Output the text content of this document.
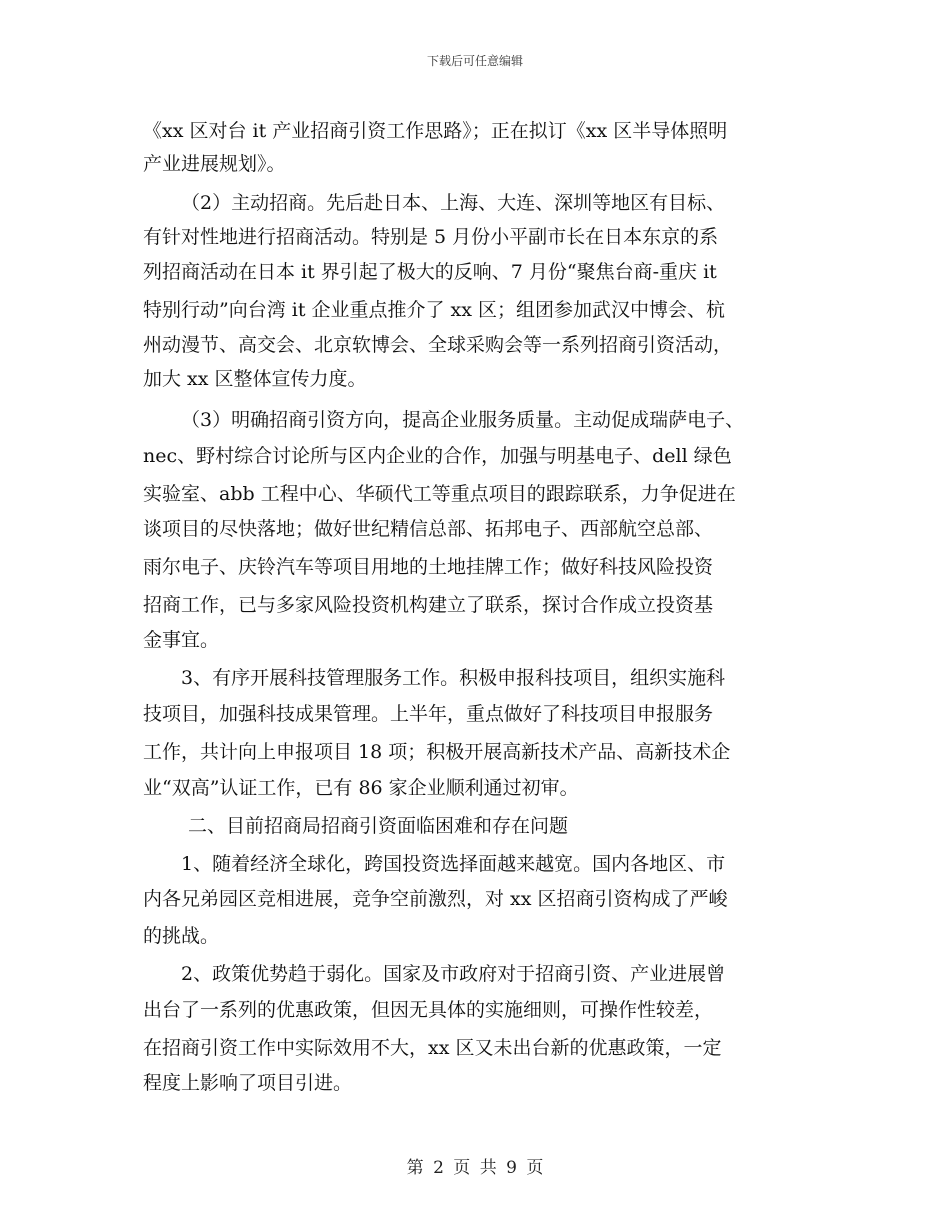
下载后可任意编辑
《xx 区对台 it 产业招商引资工作思路》；正在拟订《xx 区半导体照明
产业进展规划》。
（2）主动招商。先后赴日本、上海、大连、深圳等地区有目标、
有针对性地进行招商活动。特别是 5 月份小平副市长在日本东京的系
列招商活动在日本 it 界引起了极大的反响、7 月份“聚焦台商-重庆 it
特别行动”向台湾 it 企业重点推介了 xx 区；组团参加武汉中博会、杭
州动漫节、高交会、北京软博会、全球采购会等一系列招商引资活动，
加大 xx 区整体宣传力度。
（3）明确招商引资方向，提高企业服务质量。主动促成瑞萨电子、
nec、野村综合讨论所与区内企业的合作，加强与明基电子、dell 绿色
实验室、abb 工程中心、华硕代工等重点项目的跟踪联系，力争促进在
谈项目的尽快落地；做好世纪精信总部、拓邦电子、西部航空总部、
雨尔电子、庆铃汽车等项目用地的土地挂牌工作；做好科技风险投资
招商工作，已与多家风险投资机构建立了联系，探讨合作成立投资基
金事宜。
3、有序开展科技管理服务工作。积极申报科技项目，组织实施科
技项目，加强科技成果管理。上半年，重点做好了科技项目申报服务
工作，共计向上申报项目 18 项；积极开展高新技术产品、高新技术企
业“双高”认证工作，已有 86 家企业顺利通过初审。
二、目前招商局招商引资面临困难和存在问题
1、随着经济全球化，跨国投资选择面越来越宽。国内各地区、市
内各兄弟园区竞相进展，竞争空前激烈，对 xx 区招商引资构成了严峻
的挑战。
2、政策优势趋于弱化。国家及市政府对于招商引资、产业进展曾
出台了一系列的优惠政策，但因无具体的实施细则，可操作性较差，
在招商引资工作中实际效用不大，xx 区又未出台新的优惠政策，一定
程度上影响了项目引进。
第 2 页 共 9 页
